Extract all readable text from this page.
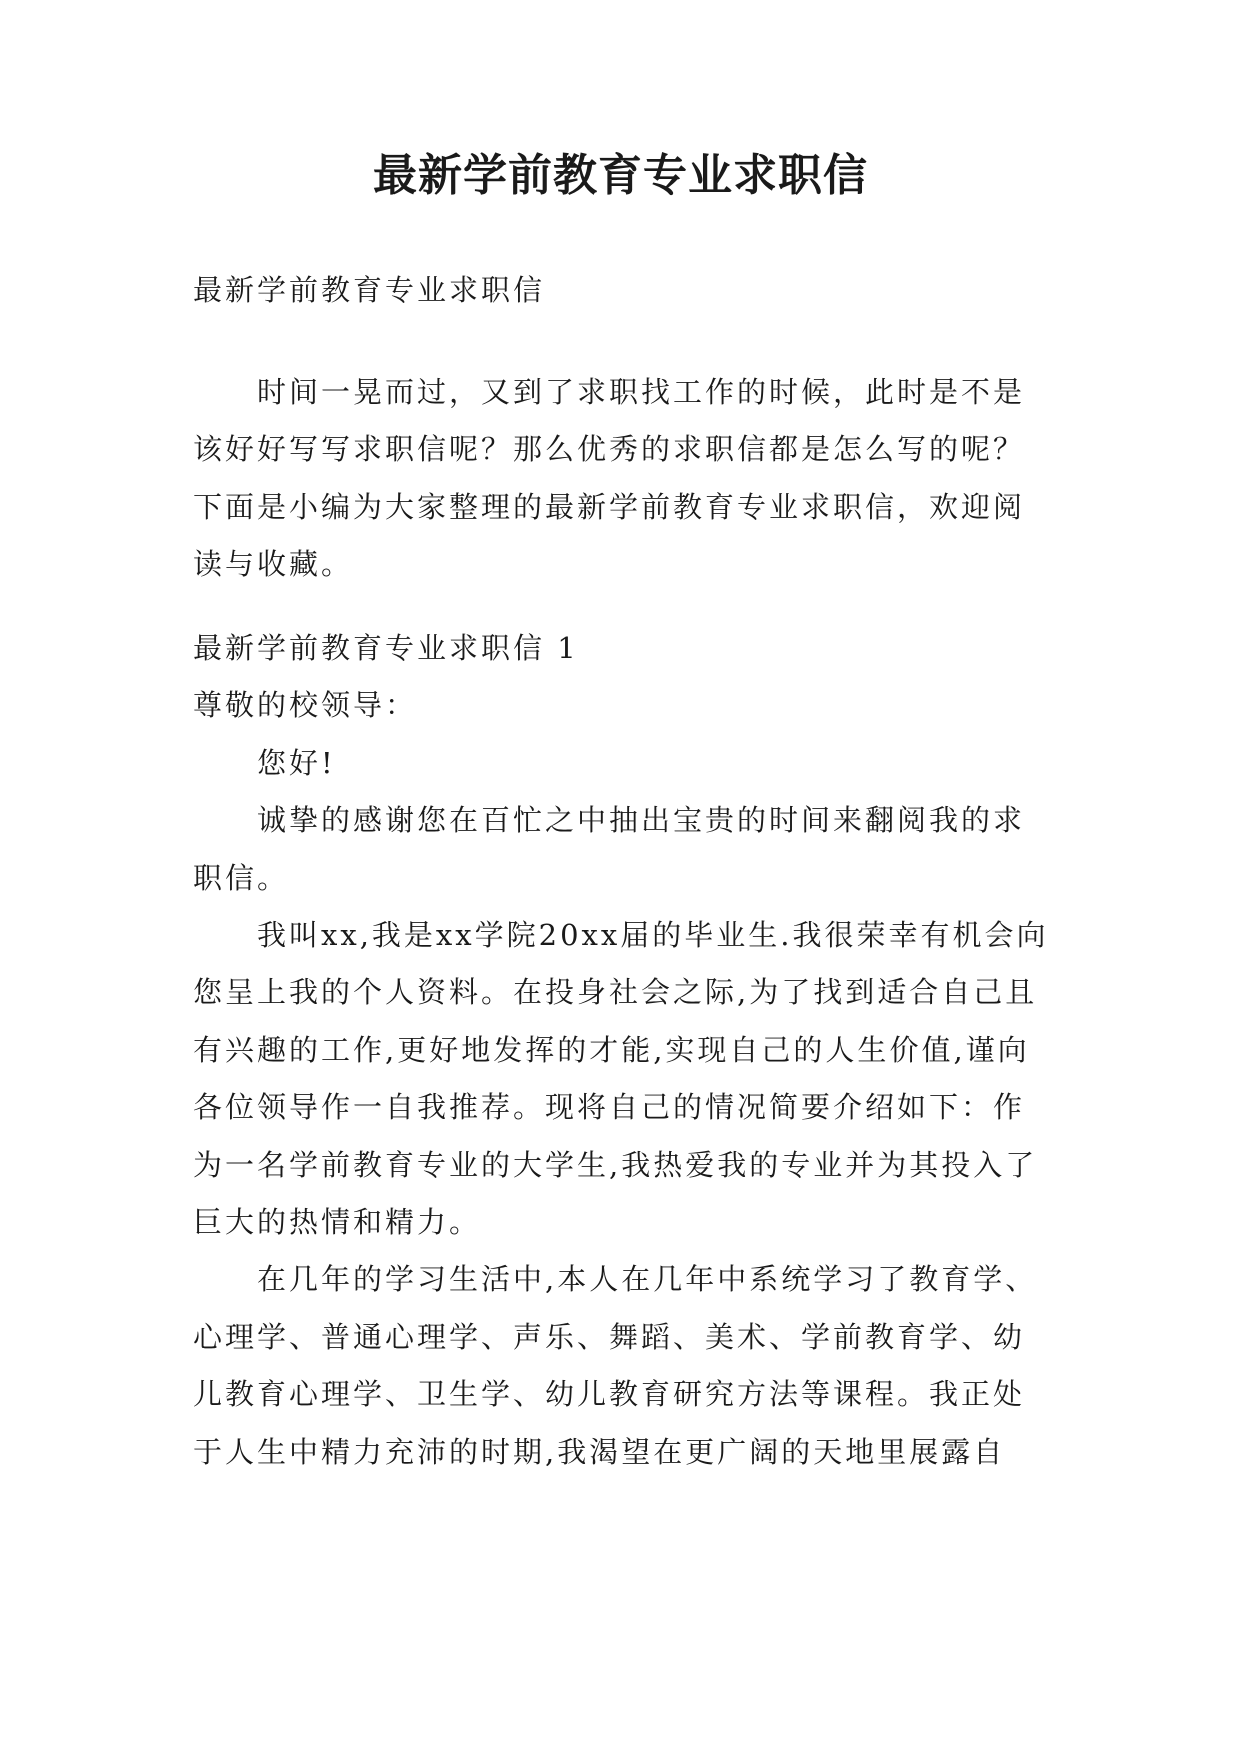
最新学前教育专业求职信

最新学前教育专业求职信

时间一晃而过，又到了求职找工作的时候，此时是不是该好好写写求职信呢？那么优秀的求职信都是怎么写的呢？下面是小编为大家整理的最新学前教育专业求职信，欢迎阅读与收藏。

最新学前教育专业求职信 1

尊敬的校领导：

您好!

诚挚的感谢您在百忙之中抽出宝贵的时间来翻阅我的求职信。

我叫xx,我是xx学院20xx届的毕业生.我很荣幸有机会向您呈上我的个人资料。在投身社会之际,为了找到适合自己且有兴趣的工作,更好地发挥的才能,实现自己的人生价值,谨向各位领导作一自我推荐。现将自己的情况简要介绍如下：作为一名学前教育专业的大学生,我热爱我的专业并为其投入了巨大的热情和精力。

在几年的学习生活中,本人在几年中系统学习了教育学、心理学、普通心理学、声乐、舞蹈、美术、学前教育学、幼儿教育心理学、卫生学、幼儿教育研究方法等课程。我正处于人生中精力充沛的时期,我渴望在更广阔的天地里展露自
